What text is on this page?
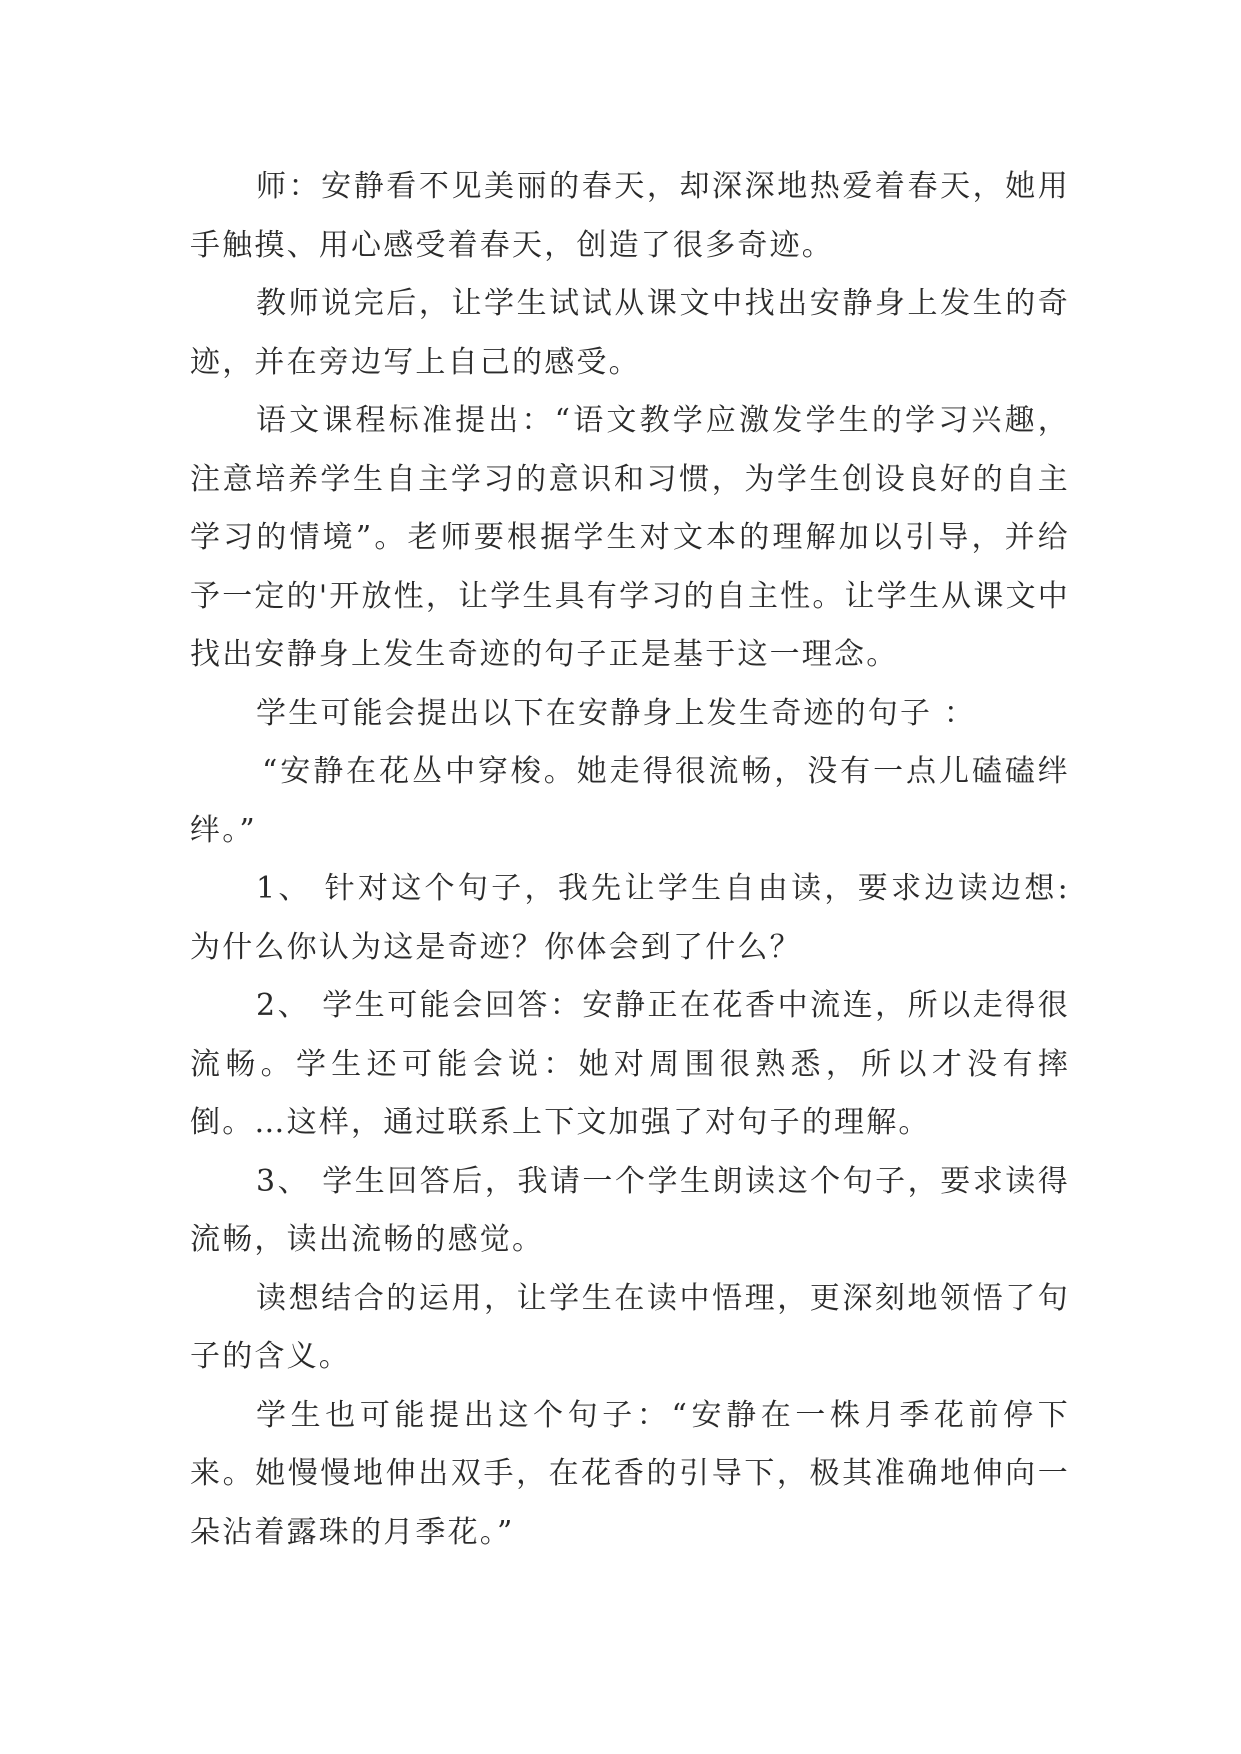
师：安静看不见美丽的春天，却深深地热爱着春天，她用手触摸、用心感受着春天，创造了很多奇迹。

教师说完后，让学生试试从课文中找出安静身上发生的奇迹，并在旁边写上自己的感受。

语文课程标准提出：“语文教学应激发学生的学习兴趣，注意培养学生自主学习的意识和习惯，为学生创设良好的自主学习的情境”。老师要根据学生对文本的理解加以引导，并给予一定的'开放性，让学生具有学习的自主性。让学生从课文中找出安静身上发生奇迹的句子正是基于这一理念。

学生可能会提出以下在安静身上发生奇迹的句子 ：

“安静在花丛中穿梭。她走得很流畅，没有一点儿磕磕绊绊。”

1、 针对这个句子，我先让学生自由读，要求边读边想:为什么你认为这是奇迹？你体会到了什么？

2、 学生可能会回答：安静正在花香中流连，所以走得很流畅。学生还可能会说：她对周围很熟悉，所以才没有摔倒。…这样，通过联系上下文加强了对句子的理解。

3、 学生回答后，我请一个学生朗读这个句子，要求读得流畅，读出流畅的感觉。

读想结合的运用，让学生在读中悟理，更深刻地领悟了句子的含义。

学生也可能提出这个句子：“安静在一株月季花前停下来。她慢慢地伸出双手，在花香的引导下，极其准确地伸向一朵沾着露珠的月季花。”
